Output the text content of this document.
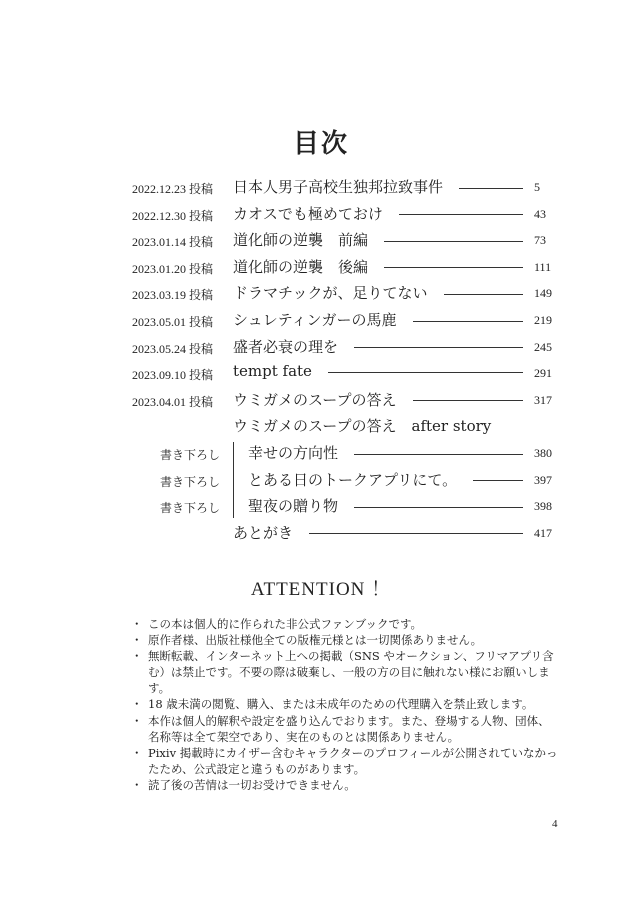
目次
2022.12.23 投稿 日本人男子高校生独邦拉致事件	5
2022.12.30 投稿 カオスでも極めておけ	43
2023.01.14 投稿 道化師の逆襲　前編	73
2023.01.20 投稿 道化師の逆襲　後編	111
2023.03.19 投稿 ドラマチックが、足りてない	149
2023.05.01 投稿 シュレティンガーの馬鹿	219
2023.05.24 投稿 盛者必衰の理を	245
2023.09.10 投稿 tempt fate	291
2023.04.01 投稿 ウミガメのスープの答え	317
ウミガメのスープの答え　after story
書き下ろし 幸せの方向性	380
書き下ろし とある日のトークアプリにて。	397
書き下ろし 聖夜の贈り物	398
あとがき	417
ATTENTION ！
・ この本は個人的に作られた非公式ファンブックです。
・ 原作者様、出版社様他全ての版権元様とは一切関係ありません。
・ 無断転載、インターネット上への掲載（SNS やオークション、フリマアプリ含む）は禁止です。不要の際は破棄し、一般の方の目に触れない様にお願いします。
・ 18 歳未満の閲覧、購入、または未成年のための代理購入を禁止致します。
・ 本作は個人的解釈や設定を盛り込んでおります。また、登場する人物、団体、名称等は全て架空であり、実在のものとは関係ありません。
・ Pixiv 掲載時にカイザー含むキャラクターのプロフィールが公開されていなかったため、公式設定と違うものがあります。
・ 読了後の苦情は一切お受けできません。
4
